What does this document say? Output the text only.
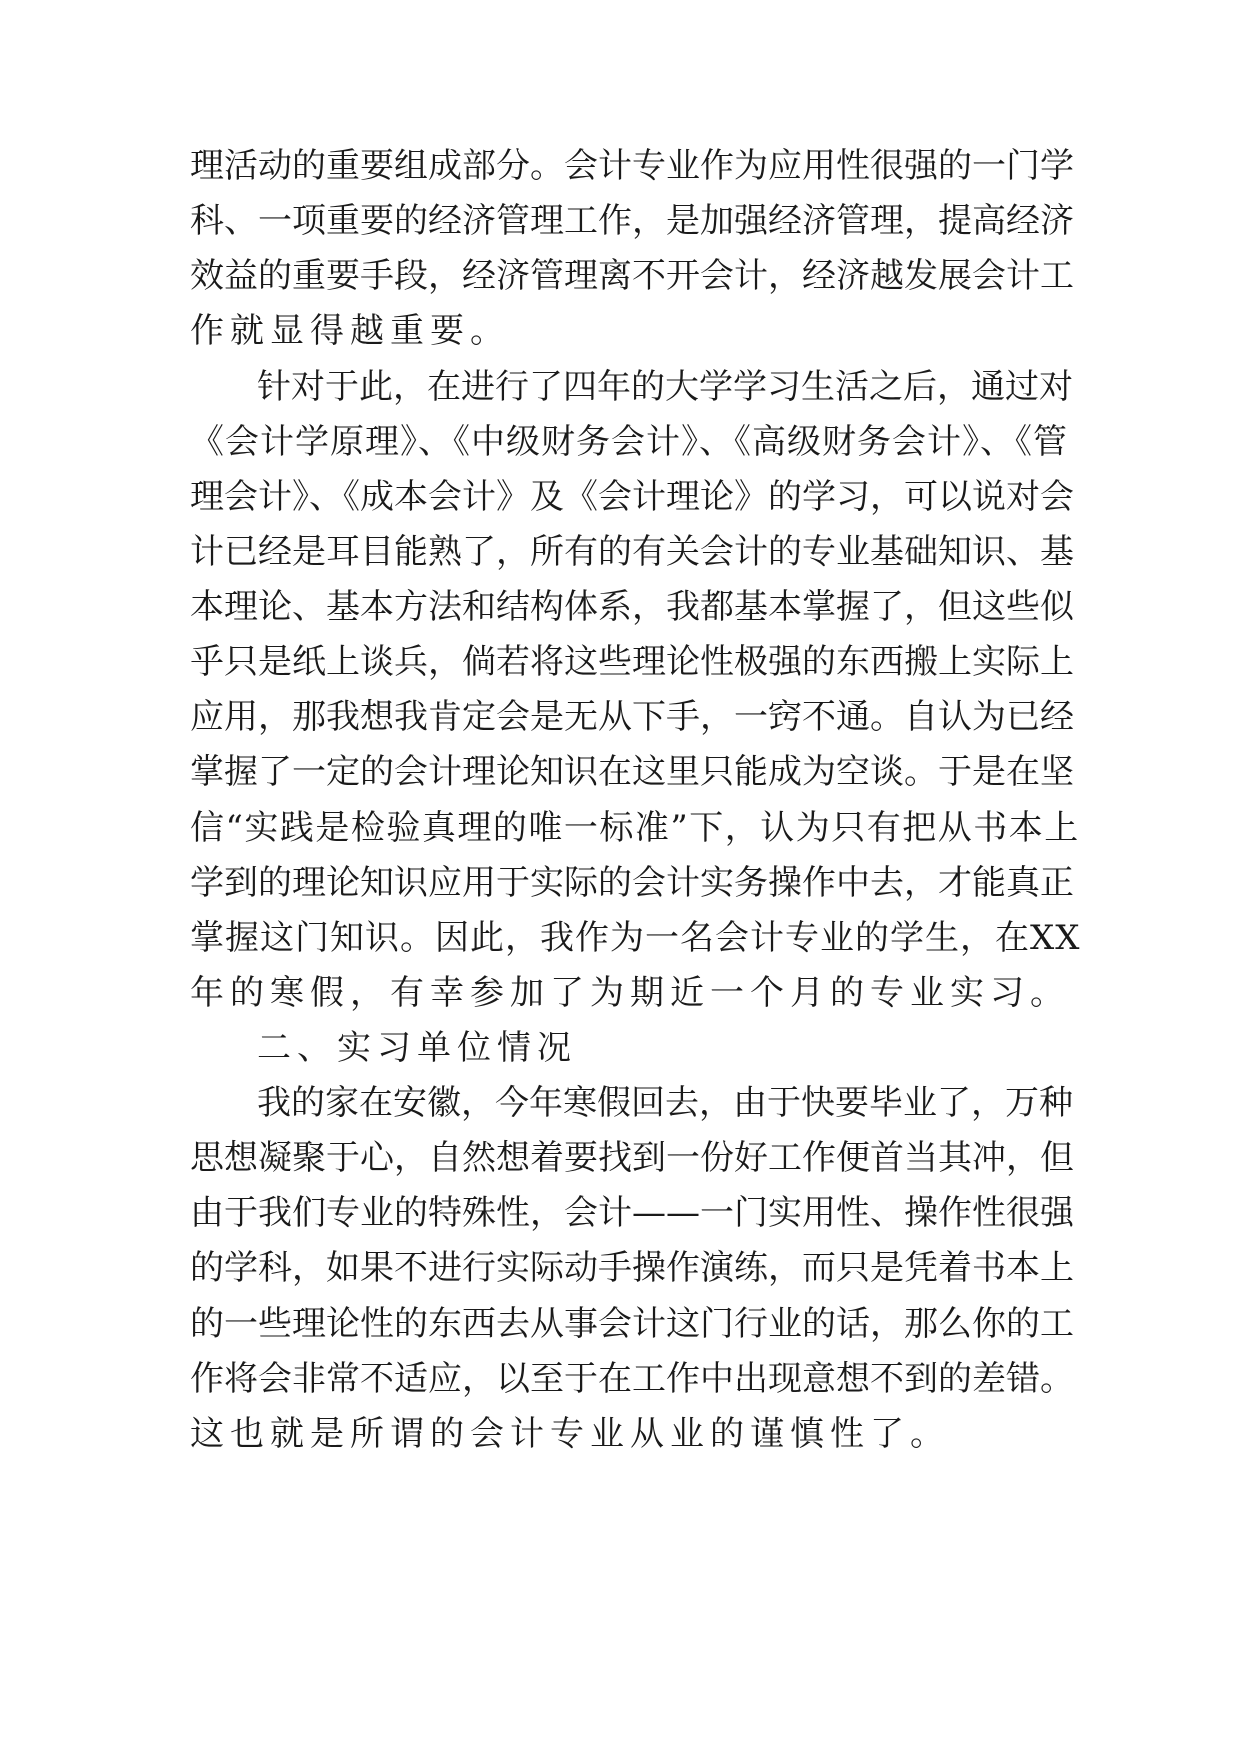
理活动的重要组成部分。会计专业作为应用性很强的一门学
科、一项重要的经济管理工作，是加强经济管理，提高经济
效益的重要手段，经济管理离不开会计，经济越发展会计工
作就显得越重要。
针对于此，在进行了四年的大学学习生活之后，通过对
《会计学原理》、《中级财务会计》、《高级财务会计》、《管
理会计》、《成本会计》及《会计理论》的学习，可以说对会
计已经是耳目能熟了，所有的有关会计的专业基础知识、基
本理论、基本方法和结构体系，我都基本掌握了，但这些似
乎只是纸上谈兵，倘若将这些理论性极强的东西搬上实际上
应用，那我想我肯定会是无从下手，一窍不通。自认为已经
掌握了一定的会计理论知识在这里只能成为空谈。于是在坚
信“实践是检验真理的唯一标准”下，认为只有把从书本上
学到的理论知识应用于实际的会计实务操作中去，才能真正
掌握这门知识。因此，我作为一名会计专业的学生，在XX
年的寒假，有幸参加了为期近一个月的专业实习。
二、实习单位情况
我的家在安徽，今年寒假回去，由于快要毕业了，万种
思想凝聚于心，自然想着要找到一份好工作便首当其冲，但
由于我们专业的特殊性，会计——一门实用性、操作性很强
的学科，如果不进行实际动手操作演练，而只是凭着书本上
的一些理论性的东西去从事会计这门行业的话，那么你的工
作将会非常不适应，以至于在工作中出现意想不到的差错。
这也就是所谓的会计专业从业的谨慎性了。
